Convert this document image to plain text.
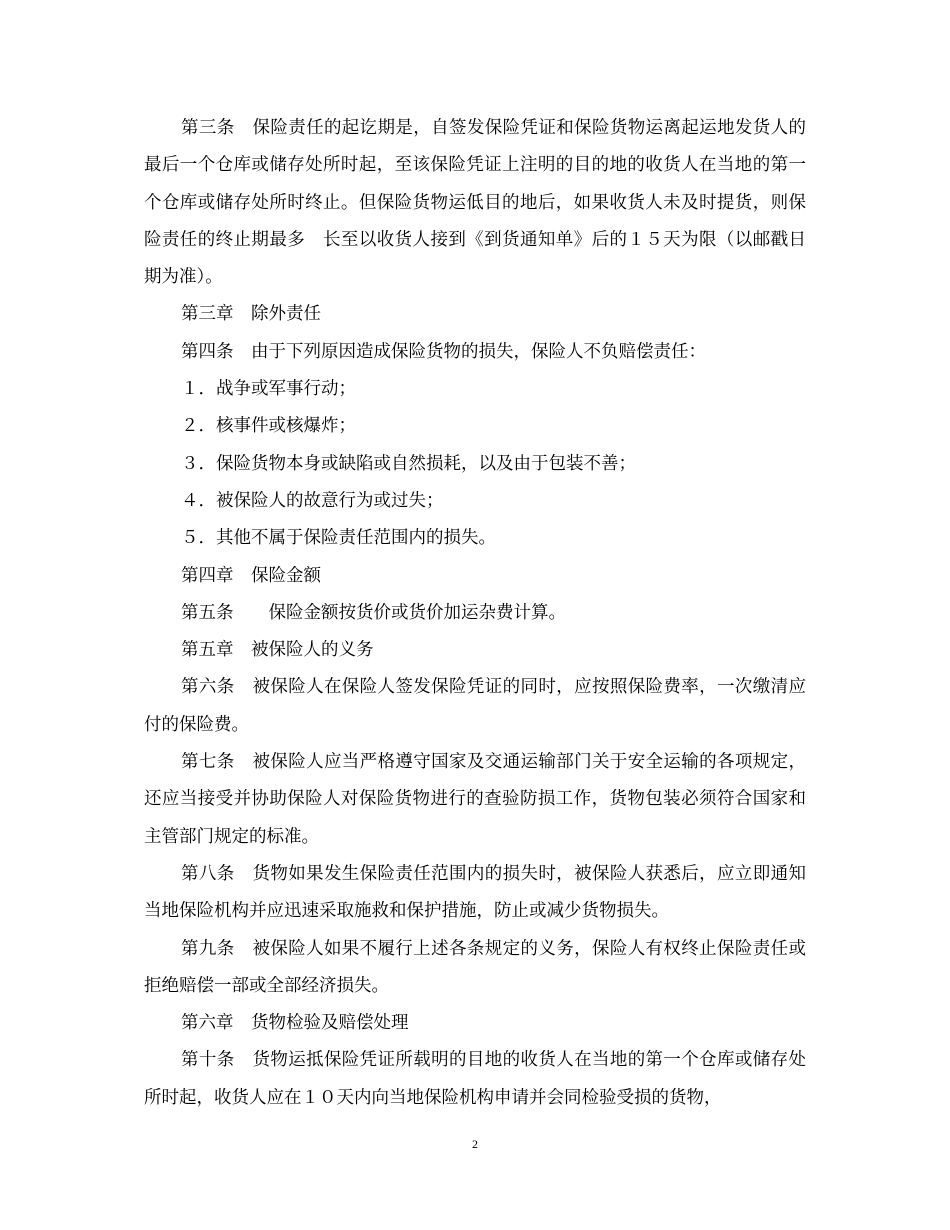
第三条　保险责任的起讫期是，自签发保险凭证和保险货物运离起运地发货人的最后一个仓库或储存处所时起，至该保险凭证上注明的目的地的收货人在当地的第一个仓库或储存处所时终止。但保险货物运低目的地后，如果收货人未及时提货，则保险责任的终止期最多　长至以收货人接到《到货通知单》后的１５天为限（以邮戳日期为准）。

第三章　除外责任

第四条　由于下列原因造成保险货物的损失，保险人不负赔偿责任：

１．战争或军事行动；

２．核事件或核爆炸；

３．保险货物本身或缺陷或自然损耗，以及由于包装不善；

４．被保险人的故意行为或过失；

５．其他不属于保险责任范围内的损失。

第四章　保险金额

第五条　　保险金额按货价或货价加运杂费计算。

第五章　被保险人的义务

第六条　被保险人在保险人签发保险凭证的同时，应按照保险费率，一次缴清应付的保险费。

第七条　被保险人应当严格遵守国家及交通运输部门关于安全运输的各项规定，还应当接受并协助保险人对保险货物进行的查验防损工作，货物包装必须符合国家和主管部门规定的标准。

第八条　货物如果发生保险责任范围内的损失时，被保险人获悉后，应立即通知当地保险机构并应迅速采取施救和保护措施，防止或减少货物损失。

第九条　被保险人如果不履行上述各条规定的义务，保险人有权终止保险责任或拒绝赔偿一部或全部经济损失。

第六章　货物检验及赔偿处理

第十条　货物运抵保险凭证所载明的目地的收货人在当地的第一个仓库或储存处所时起，收货人应在１０天内向当地保险机构申请并会同检验受损的货物，

2
